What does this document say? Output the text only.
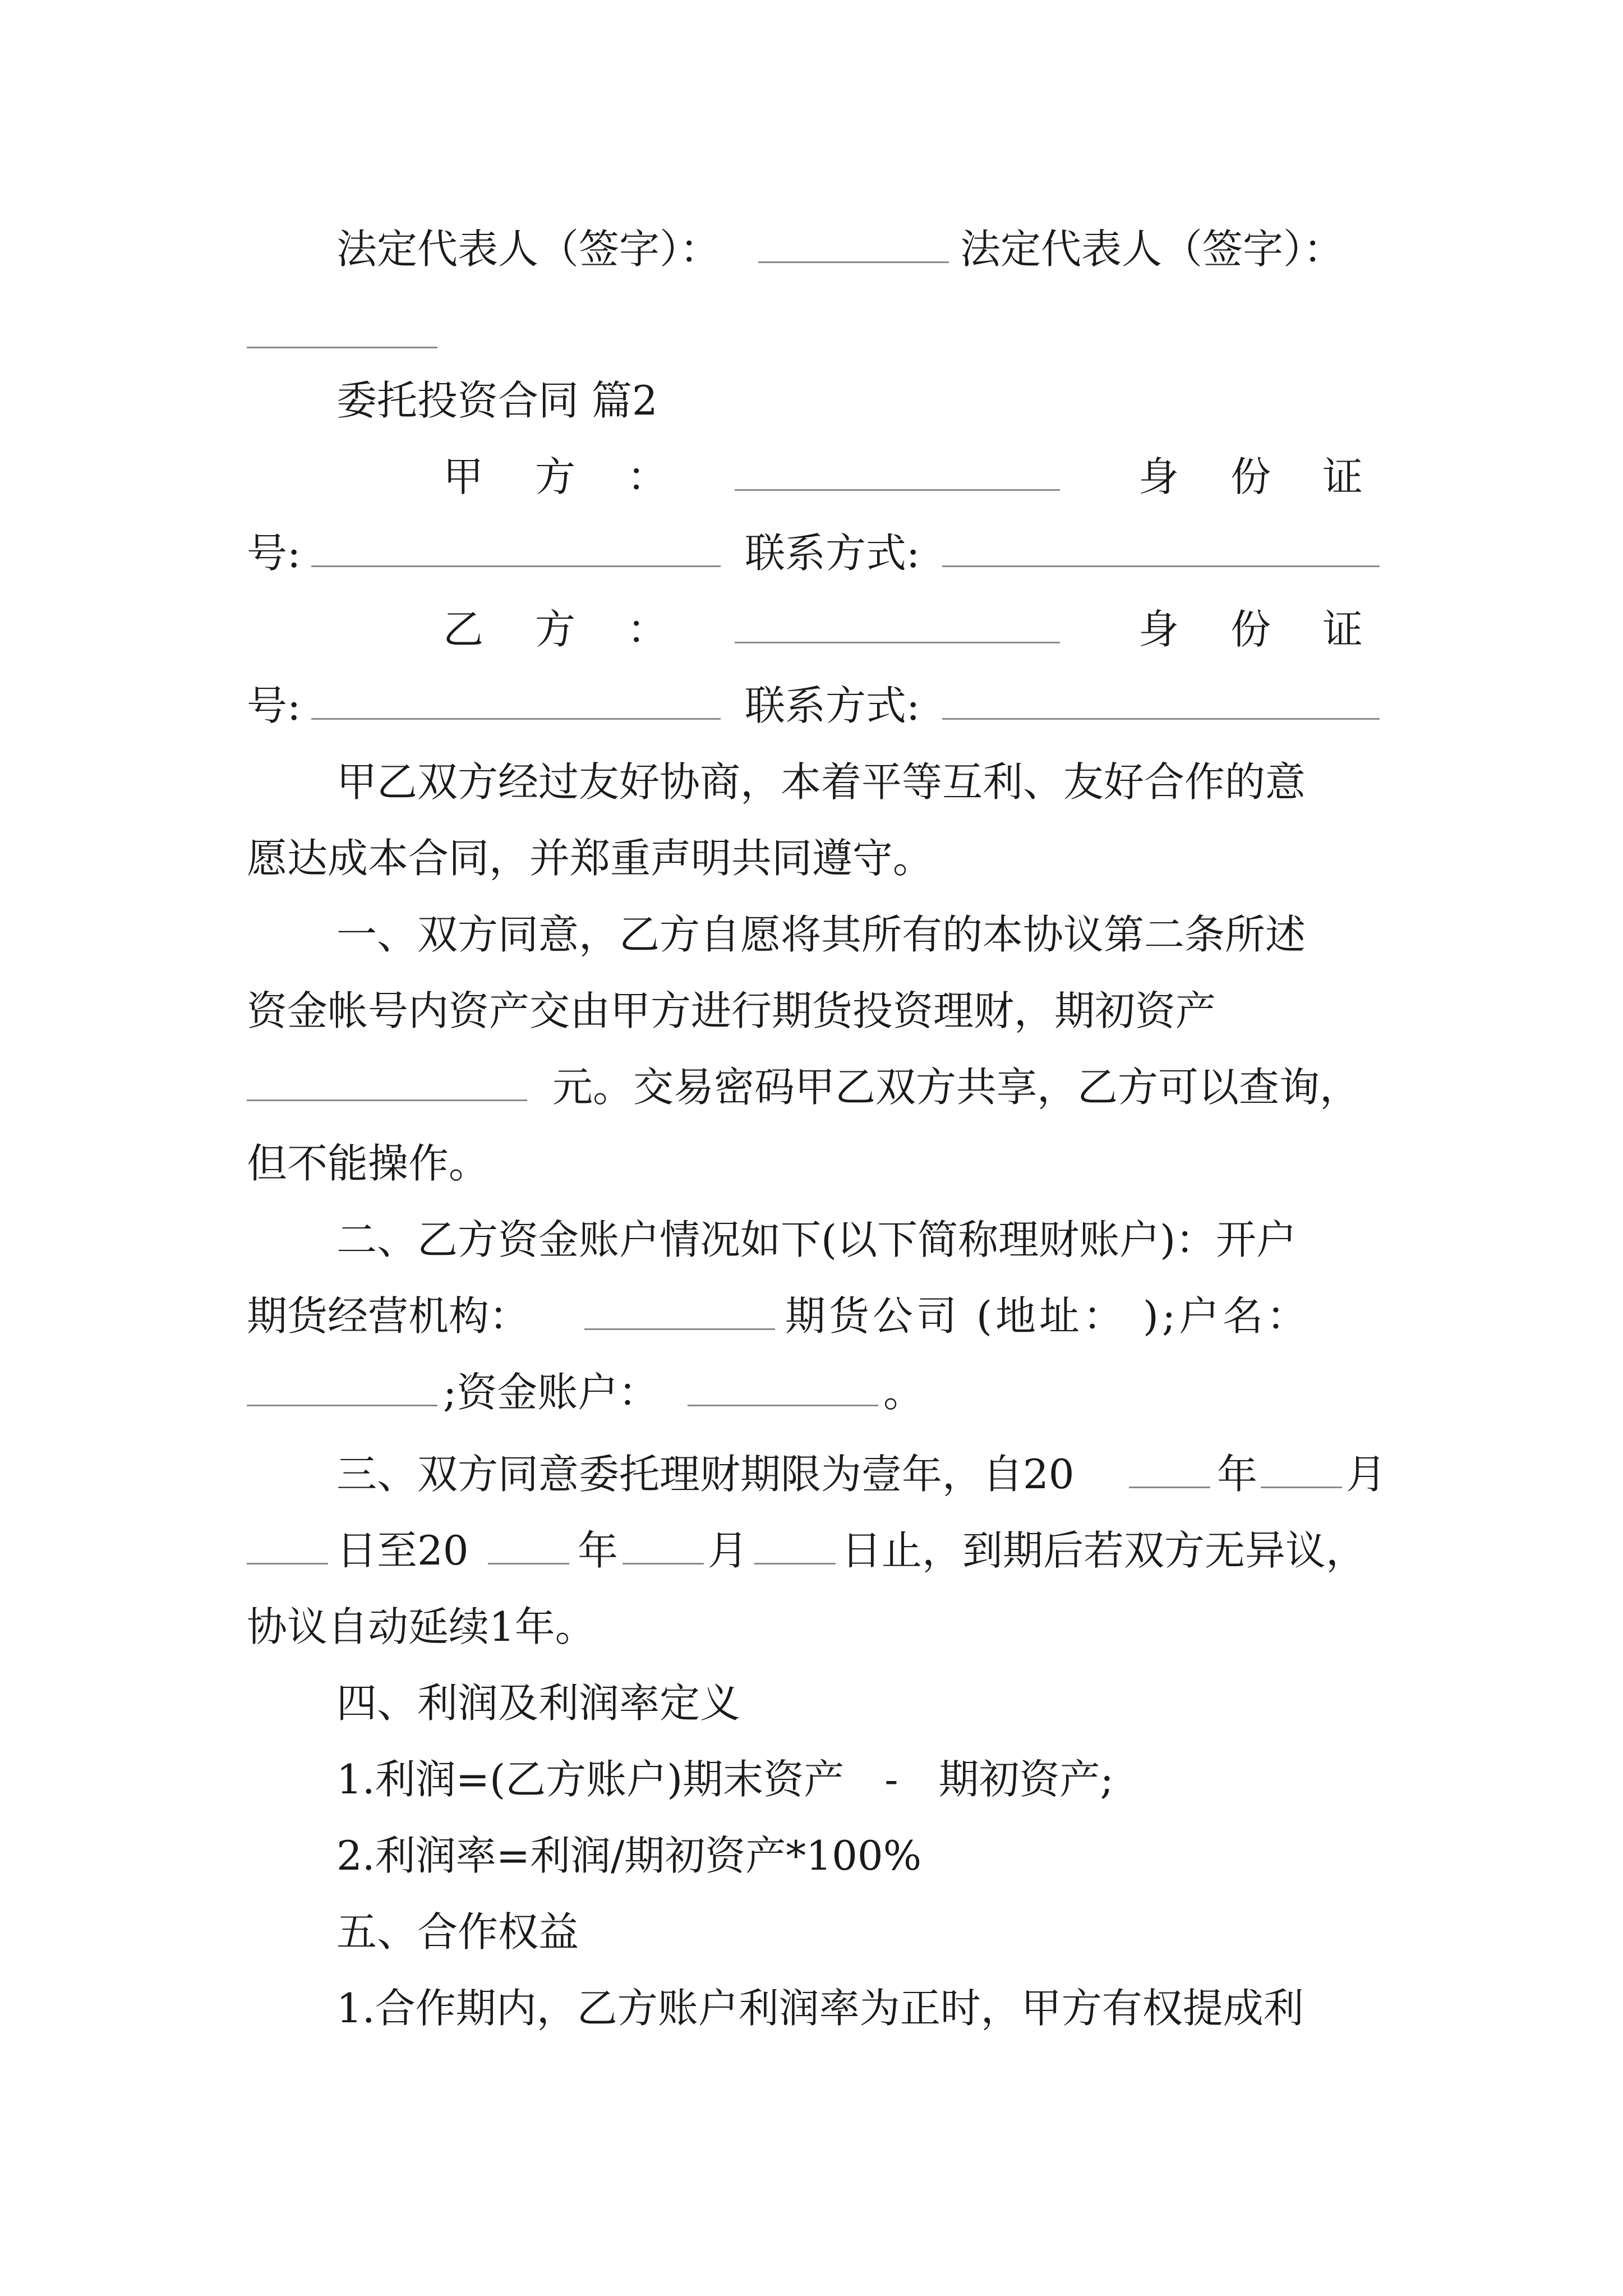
法定代表人（签字）：	法定代表人（签字）：
委托投资合同 篇2
甲　方　：	身　份　证
号:	联系方式:
乙　方　：	身　份　证
号:	联系方式:
甲乙双方经过友好协商，本着平等互利、友好合作的意
愿达成本合同，并郑重声明共同遵守。
一、双方同意，乙方自愿将其所有的本协议第二条所述
资金帐号内资产交由甲方进行期货投资理财，期初资产
元。交易密码甲乙双方共享，乙方可以查询，
但不能操作。
二、乙方资金账户情况如下(以下简称理财账户)：开户
期货经营机构：	期货公司 (地址： );户名：
;资金账户：	。
三、双方同意委托理财期限为壹年，自20	年 月
日至20	年 月 日止，到期后若双方无异议，
协议自动延续1年。
四、利润及利润率定义
1.利润=(乙方账户)期末资产　-　期初资产;
2.利润率=利润/期初资产*100%
五、合作权益
1.合作期内，乙方账户利润率为正时，甲方有权提成利
